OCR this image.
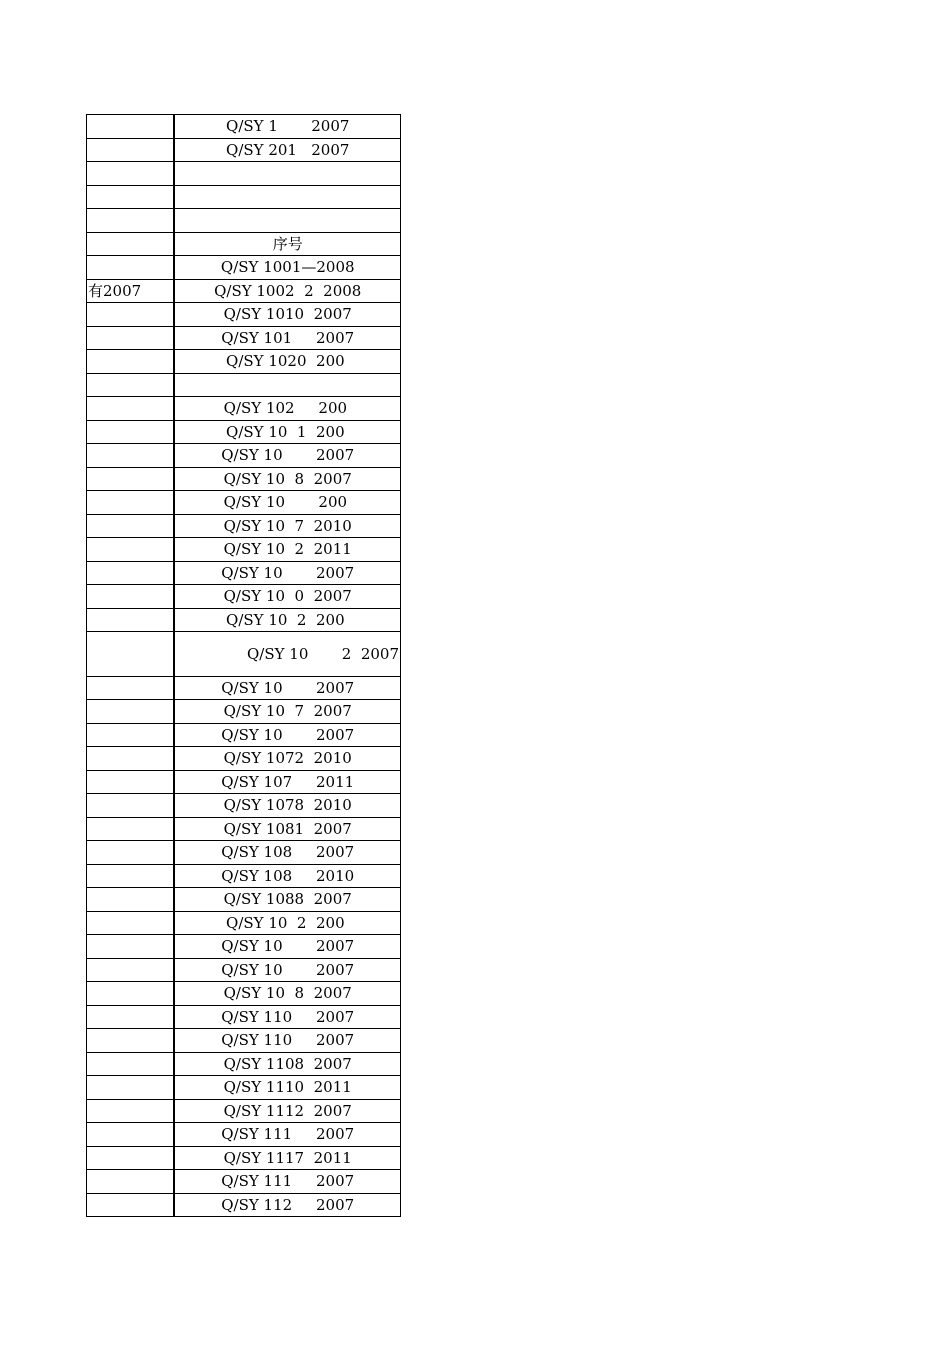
Q/SY 1       2007
Q/SY 201   2007
序号
Q/SY 1001—2008
有2007	Q/SY 1002  2  2008
Q/SY 1010  2007
Q/SY 101     2007
Q/SY 1020  200
Q/SY 102     200
Q/SY 10  1  200
Q/SY 10       2007
Q/SY 10  8  2007
Q/SY 10       200
Q/SY 10  7  2010
Q/SY 10  2  2011
Q/SY 10       2007
Q/SY 10  0  2007
Q/SY 10  2  200
Q/SY 10       2  2007
Q/SY 10       2007
Q/SY 10  7  2007
Q/SY 10       2007
Q/SY 1072  2010
Q/SY 107     2011
Q/SY 1078  2010
Q/SY 1081  2007
Q/SY 108     2007
Q/SY 108     2010
Q/SY 1088  2007
Q/SY 10  2  200
Q/SY 10       2007
Q/SY 10       2007
Q/SY 10  8  2007
Q/SY 110     2007
Q/SY 110     2007
Q/SY 1108  2007
Q/SY 1110  2011
Q/SY 1112  2007
Q/SY 111     2007
Q/SY 1117  2011
Q/SY 111     2007
Q/SY 112     2007
